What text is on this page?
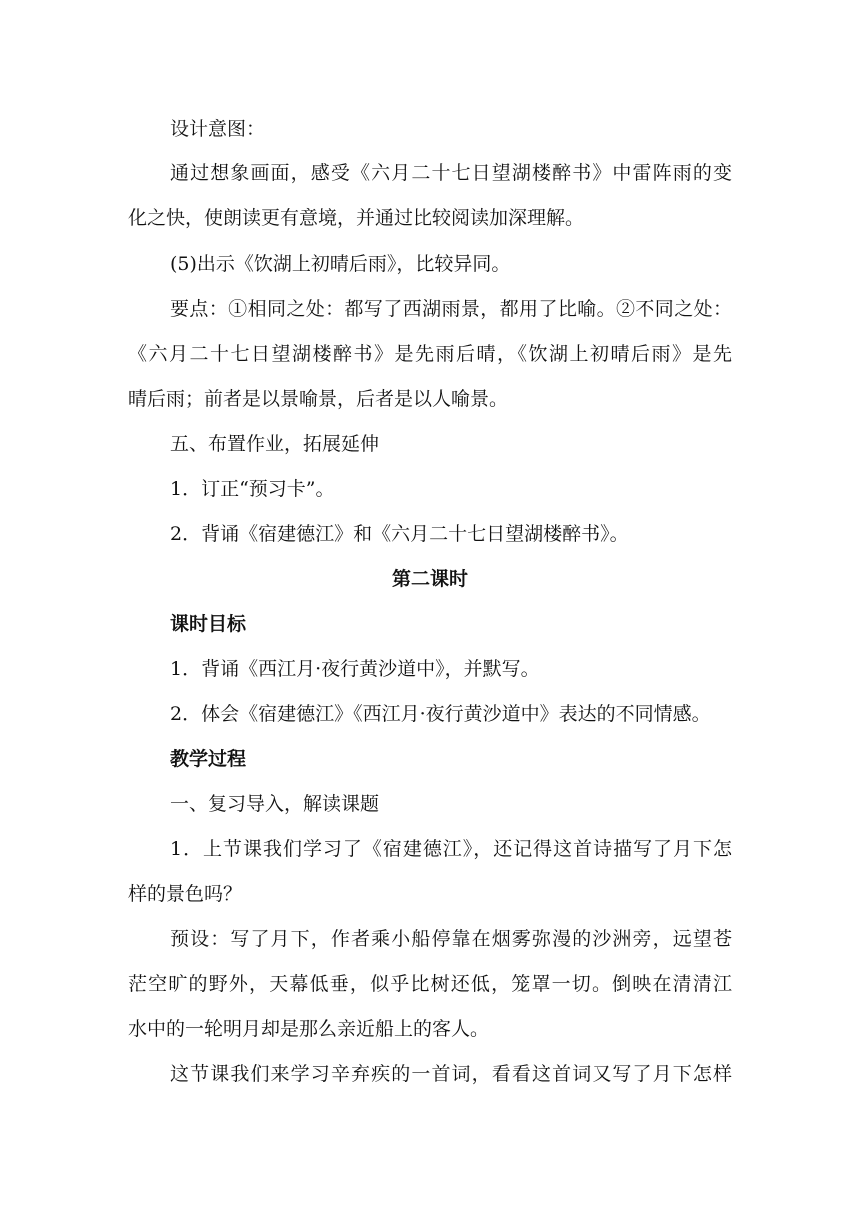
设计意图：
通过想象画面，感受《六月二十七日望湖楼醉书》中雷阵雨的变
化之快，使朗读更有意境，并通过比较阅读加深理解。
(5)出示《饮湖上初晴后雨》，比较异同。
要点：①相同之处：都写了西湖雨景，都用了比喻。②不同之处：
《六月二十七日望湖楼醉书》是先雨后晴，《饮湖上初晴后雨》是先
晴后雨；前者是以景喻景，后者是以人喻景。
五、布置作业，拓展延伸
1．订正“预习卡”。
2．背诵《宿建德江》和《六月二十七日望湖楼醉书》。
第二课时
课时目标
1．背诵《西江月·夜行黄沙道中》，并默写。
2．体会《宿建德江》《西江月·夜行黄沙道中》表达的不同情感。
教学过程
一、复习导入，解读课题
1．上节课我们学习了《宿建德江》，还记得这首诗描写了月下怎
样的景色吗？
预设：写了月下，作者乘小船停靠在烟雾弥漫的沙洲旁，远望苍
茫空旷的野外，天幕低垂，似乎比树还低，笼罩一切。倒映在清清江
水中的一轮明月却是那么亲近船上的客人。
这节课我们来学习辛弃疾的一首词，看看这首词又写了月下怎样
